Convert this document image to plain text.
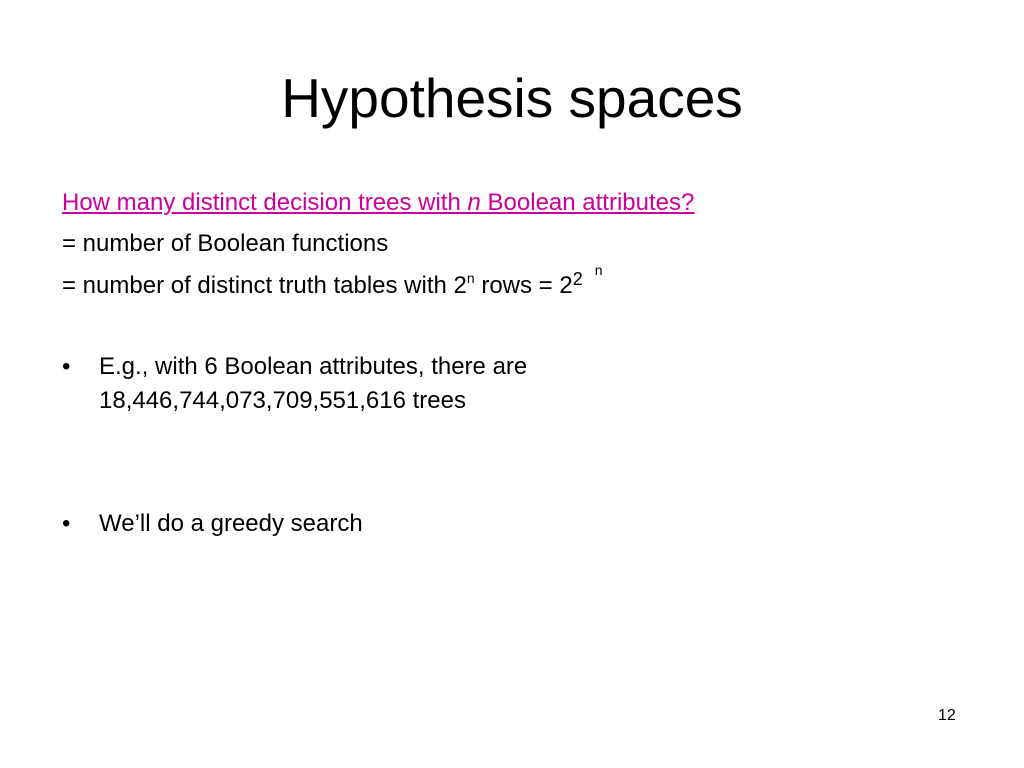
Hypothesis spaces
How many distinct decision trees with n Boolean attributes?
= number of Boolean functions
= number of distinct truth tables with 2$^n$ rows = $2^2$ n
• E.g., with 6 Boolean attributes, there are
18,446,744,073,709,551,616 trees
• We’ll do a greedy search
12
